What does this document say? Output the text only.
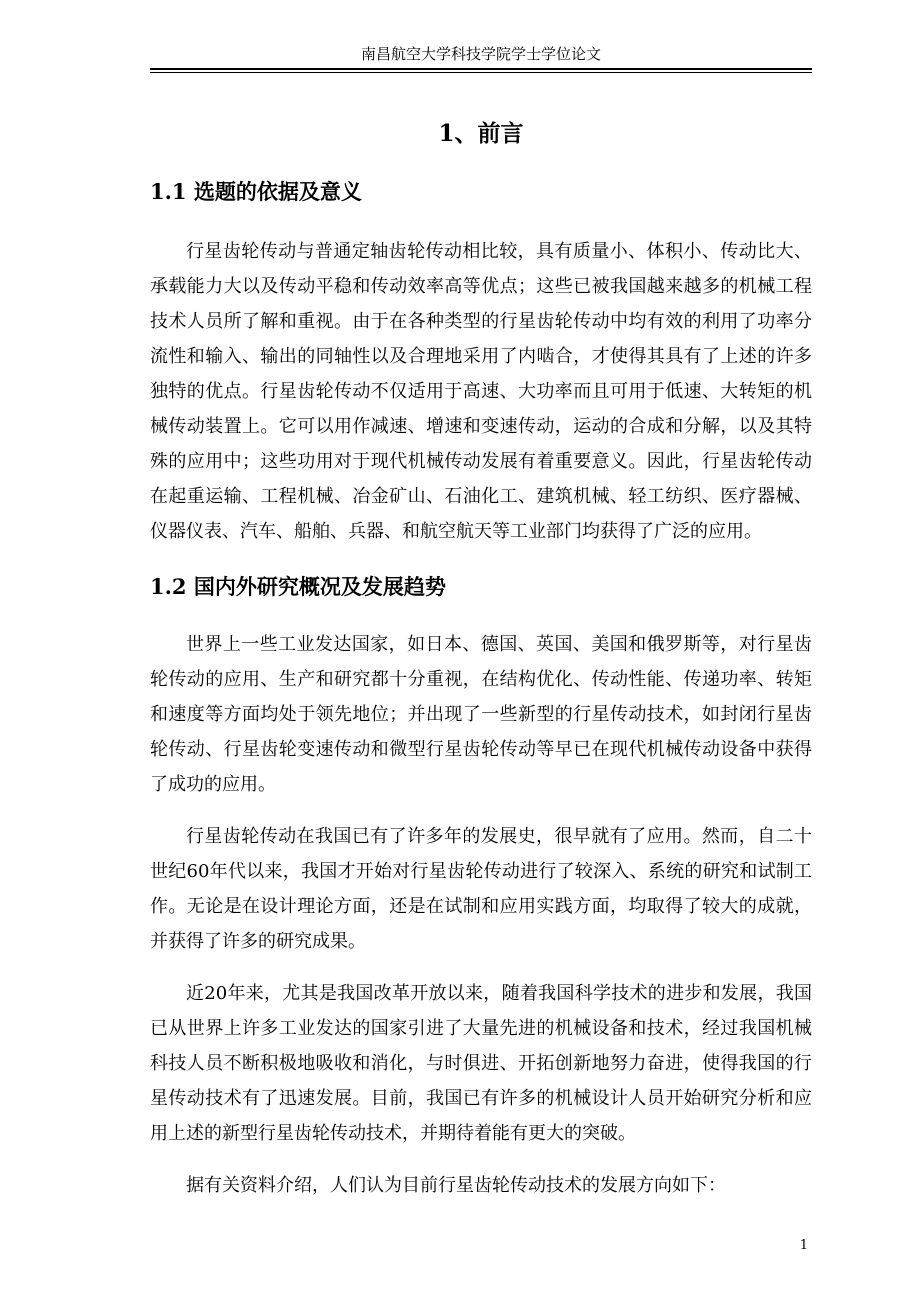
南昌航空大学科技学院学士学位论文
1、前言
1.1 选题的依据及意义

行星齿轮传动与普通定轴齿轮传动相比较，具有质量小、体积小、传动比大、承载能力大以及传动平稳和传动效率高等优点；这些已被我国越来越多的机械工程技术人员所了解和重视。由于在各种类型的行星齿轮传动中均有效的利用了功率分流性和输入、输出的同轴性以及合理地采用了内啮合，才使得其具有了上述的许多独特的优点。行星齿轮传动不仅适用于高速、大功率而且可用于低速、大转矩的机械传动装置上。它可以用作减速、增速和变速传动，运动的合成和分解，以及其特殊的应用中；这些功用对于现代机械传动发展有着重要意义。因此，行星齿轮传动在起重运输、工程机械、冶金矿山、石油化工、建筑机械、轻工纺织、医疗器械、仪器仪表、汽车、船舶、兵器、和航空航天等工业部门均获得了广泛的应用。

1.2 国内外研究概况及发展趋势

世界上一些工业发达国家，如日本、德国、英国、美国和俄罗斯等，对行星齿轮传动的应用、生产和研究都十分重视，在结构优化、传动性能、传递功率、转矩和速度等方面均处于领先地位；并出现了一些新型的行星传动技术，如封闭行星齿轮传动、行星齿轮变速传动和微型行星齿轮传动等早已在现代机械传动设备中获得了成功的应用。

行星齿轮传动在我国已有了许多年的发展史，很早就有了应用。然而，自二十世纪60年代以来，我国才开始对行星齿轮传动进行了较深入、系统的研究和试制工作。无论是在设计理论方面，还是在试制和应用实践方面，均取得了较大的成就，并获得了许多的研究成果。

近20年来，尤其是我国改革开放以来，随着我国科学技术的进步和发展，我国已从世界上许多工业发达的国家引进了大量先进的机械设备和技术，经过我国机械科技人员不断积极地吸收和消化，与时俱进、开拓创新地努力奋进，使得我国的行星传动技术有了迅速发展。目前，我国已有许多的机械设计人员开始研究分析和应用上述的新型行星齿轮传动技术，并期待着能有更大的突破。

据有关资料介绍，人们认为目前行星齿轮传动技术的发展方向如下：

1
